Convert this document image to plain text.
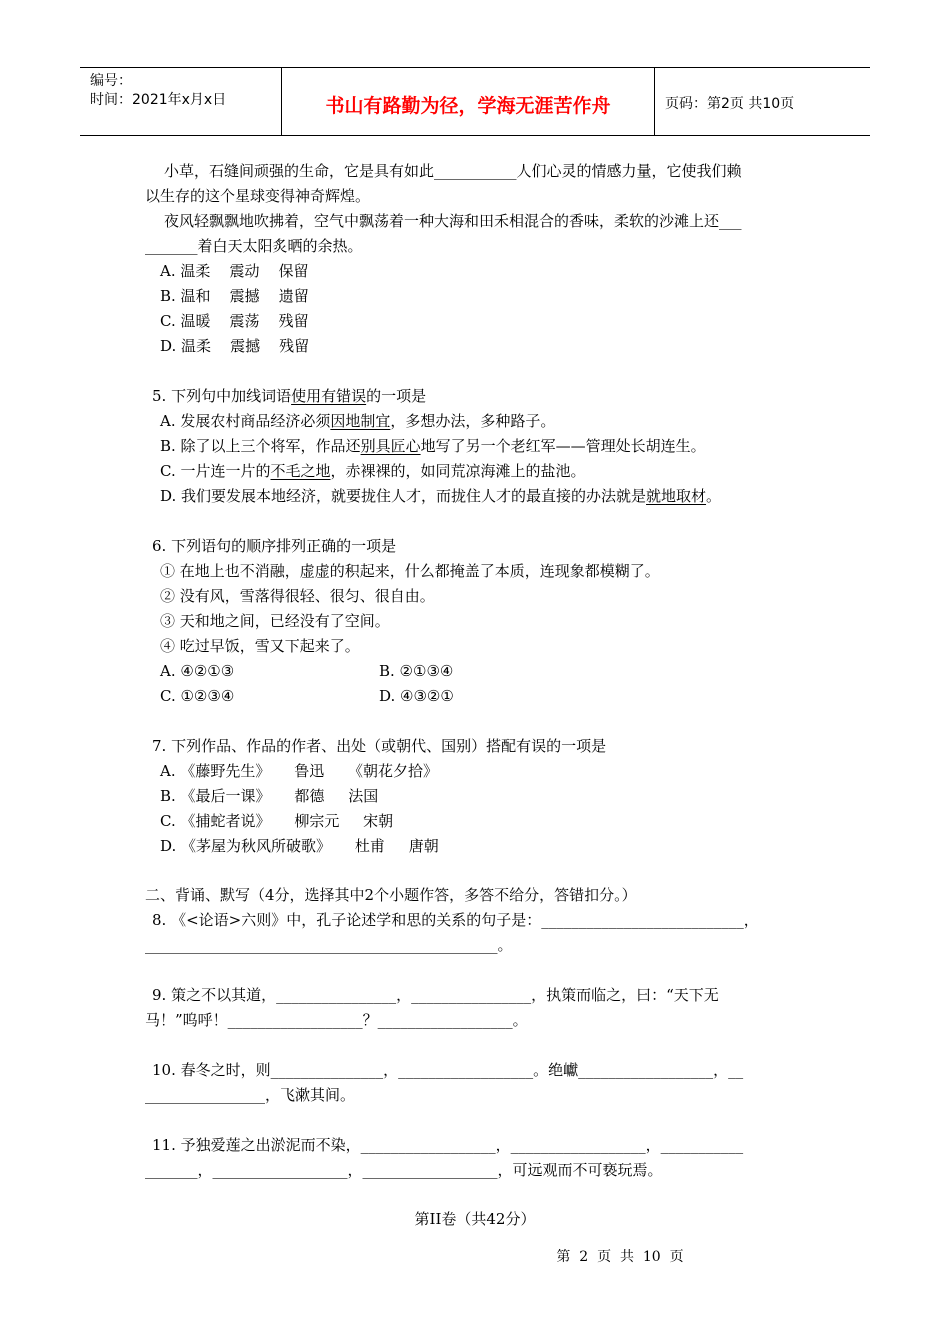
编号：
时间：2021年x月x日	书山有路勤为径，学海无涯苦作舟	页码：第2页 共10页
小草，石缝间顽强的生命，它是具有如此___________人们心灵的情感力量，它使我们赖
以生存的这个星球变得神奇辉煌。
夜风轻飘飘地吹拂着，空气中飘荡着一种大海和田禾相混合的香味，柔软的沙滩上还___
_______着白天太阳炙晒的余热。
A. 温柔    震动    保留
B. 温和    震撼    遗留
C. 温暖    震荡    残留
D. 温柔    震撼    残留
5. 下列句中加线词语使用有错误的一项是
A. 发展农村商品经济必须因地制宜，多想办法，多种路子。
B. 除了以上三个将军，作品还别具匠心地写了另一个老红军——管理处长胡连生。
C. 一片连一片的不毛之地，赤裸裸的，如同荒凉海滩上的盐池。
D. 我们要发展本地经济，就要拢住人才，而拢住人才的最直接的办法就是就地取材。
6. 下列语句的顺序排列正确的一项是
① 在地上也不消融，虚虚的积起来，什么都掩盖了本质，连现象都模糊了。
② 没有风，雪落得很轻、很匀、很自由。
③ 天和地之间，已经没有了空间。
④ 吃过早饭，雪又下起来了。
A. ④②①③	B. ②①③④
C. ①②③④	D. ④③②①
7. 下列作品、作品的作者、出处（或朝代、国别）搭配有误的一项是
A. 《藤野先生》     鲁迅     《朝花夕拾》
B. 《最后一课》     都德     法国
C. 《捕蛇者说》     柳宗元     宋朝
D. 《茅屋为秋风所破歌》     杜甫     唐朝
二、背诵、默写（4分，选择其中2个小题作答，多答不给分，答错扣分。）
8. 《<论语>六则》中，孔子论述学和思的关系的句子是：___________________________，
_______________________________________________。
9. 策之不以其道，________________，________________，执策而临之，曰：“天下无
马！”呜呼！__________________？__________________。
10. 春冬之时，则_______________，__________________。绝巘__________________，__
________________，飞漱其间。
11. 予独爱莲之出淤泥而不染，__________________，__________________，___________
_______，__________________，__________________，可远观而不可亵玩焉。
第II卷（共42分）
第  2  页  共  10  页
